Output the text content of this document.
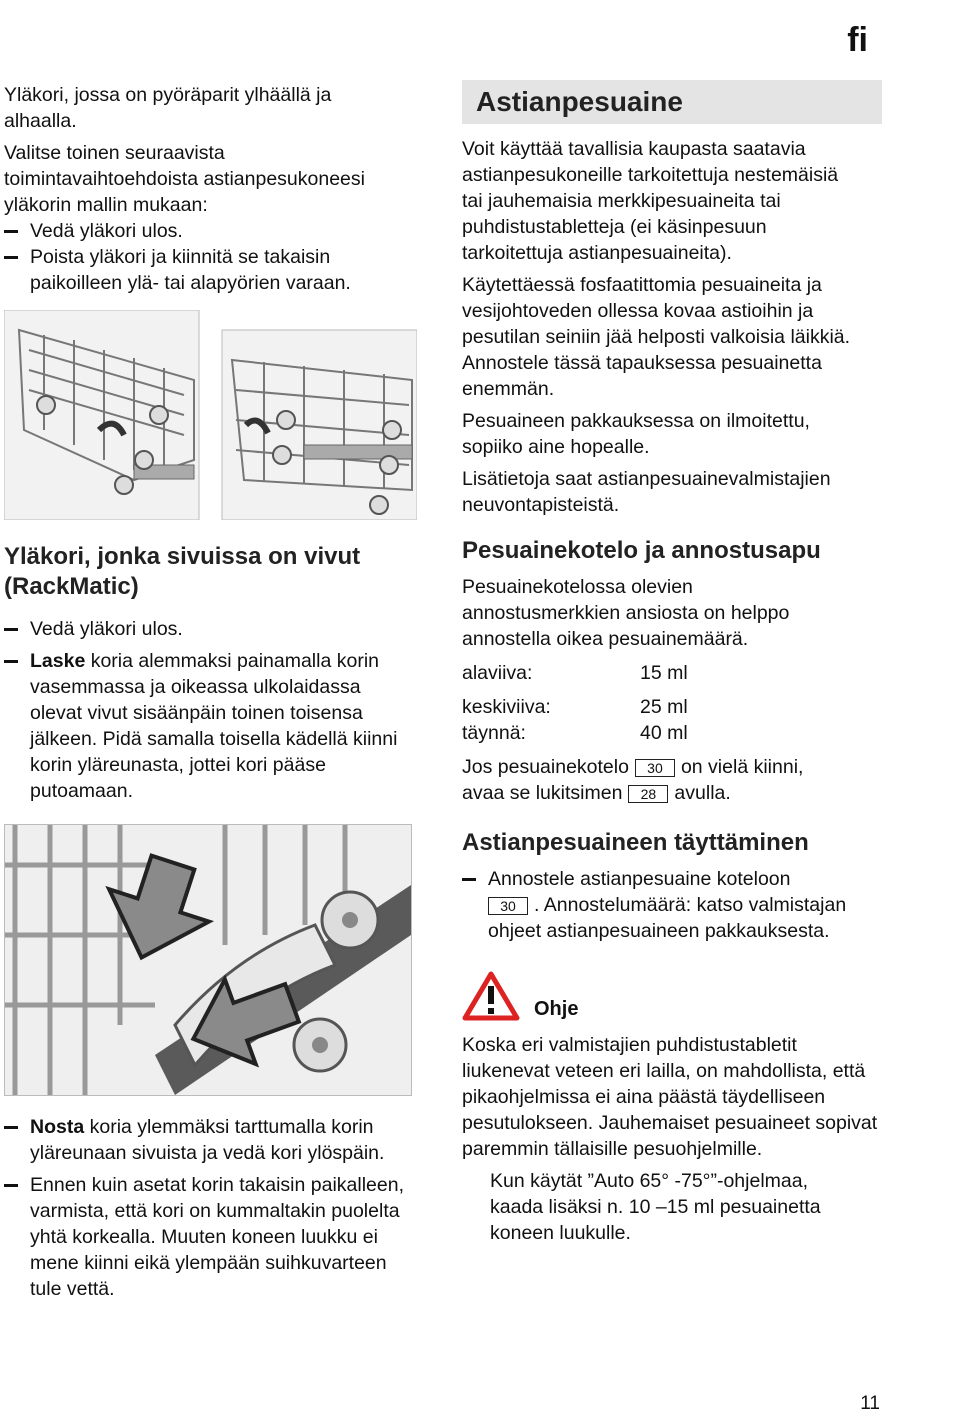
fi

Yläkori, jossa on pyöräparit ylhäällä ja alhaalla.

Valitse toinen seuraavista toimintavaihtoehdoista astianpesukoneesi yläkorin mallin mukaan:

Vedä yläkori ulos.
Poista yläkori ja kiinnitä se takaisin paikoilleen ylä- tai alapyörien varaan.
Yläkori, jonka sivuissa on vivut (RackMatic)
Vedä yläkori ulos.
Laske koria alemmaksi painamalla korin vasemmassa ja oikeassa ulkolaidassa olevat vivut sisäänpäin toinen toisensa jälkeen. Pidä samalla toisella kädellä kiinni korin yläreunasta, jottei kori pääse putoamaan.
Nosta koria ylemmäksi tarttumalla korin yläreunaan sivuista ja vedä kori ylöspäin.
Ennen kuin asetat korin takaisin paikalleen, varmista, että kori on kummaltakin puolelta yhtä korkealla. Muuten koneen luukku ei mene kiinni eikä ylempään suihkuvarteen tule vettä.
Astianpesuaine

Voit käyttää tavallisia kaupasta saatavia astianpesukoneille tarkoitettuja nestemäisiä tai jauhemaisia merkkipesuaineita tai puhdistustabletteja (ei käsinpesuun tarkoitettuja astianpesuaineita).

Käytettäessä fosfaatittomia pesuaineita ja vesijohtoveden ollessa kovaa astioihin ja pesutilan seiniin jää helposti valkoisia läikkiä. Annostele tässä tapauksessa pesuainetta enemmän.

Pesuaineen pakkauksessa on ilmoitettu, sopiiko aine hopealle.

Lisätietoja saat astianpesuainevalmistajien neuvontapisteistä.

Pesuainekotelo ja annostusapu

Pesuainekotelossa olevien annostusmerkkien ansiosta on helppo annostella oikea pesuainemäärä.

alaviiva:	15 ml
keskiviiva:	25 ml
täynnä:	40 ml

Jos pesuainekotelo 30 on vielä kiinni,
avaa se lukitsimen 28 avulla.

Astianpesuaineen täyttäminen
Annostele astianpesuaine koteloon
30 . Annostelumäärä: katso valmistajan ohjeet astianpesuaineen pakkauksesta.
Ohje

Koska eri valmistajien puhdistustabletit liukenevat veteen eri lailla, on mahdollista, että pikaohjelmissa ei aina päästä täydelliseen pesutulokseen. Jauhemaiset pesuaineet sopivat paremmin tällaisille pesuohjelmille.

Kun käytät ”Auto 65° -75°”-ohjelmaa, kaada lisäksi n. 10 –15 ml pesuainetta koneen luukulle.

11
